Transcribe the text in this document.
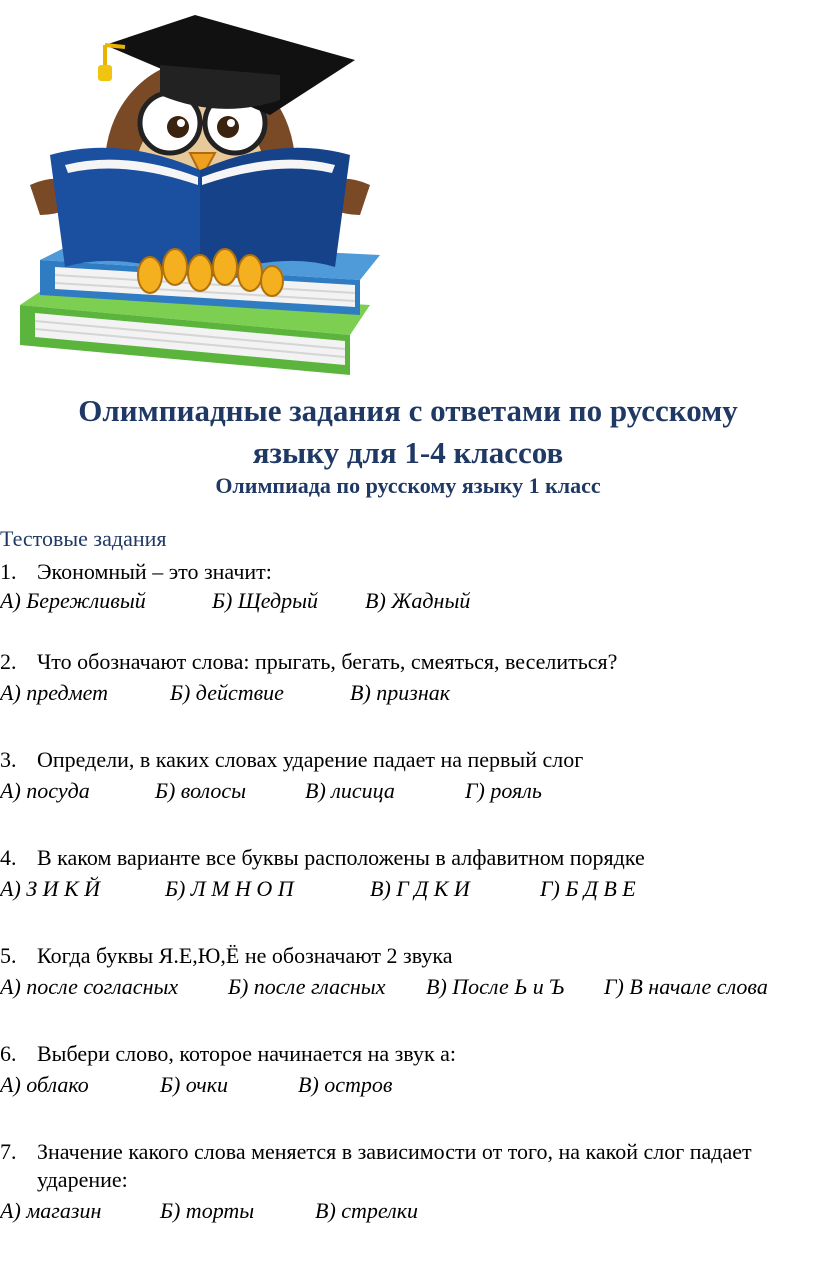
Олимпиадные задания с ответами по русскому
языку для 1-4 классов
Олимпиада по русскому языку 1 класс
Тестовые задания
1. Экономный – это значит:
А) Бережливый	Б) Щедрый В) Жадный
2. Что обозначают слова: прыгать, бегать, смеяться, веселиться?
А) предмет	Б) действие	В) признак
3. Определи, в каких словах ударение падает на первый слог
А) посуда	Б) волосы	В) лисица	Г) рояль
4. В каком варианте все буквы расположены в алфавитном порядке
А) З И К Й	Б) Л М Н О П	В) Г Д К И	Г) Б Д В Е
5. Когда буквы Я.Е,Ю,Ё не обозначают 2 звука
А) после согласных Б) после гласных В) После Ь и Ъ Г) В начале слова
6. Выбери слово, которое начинается на звук а:
А) облако	Б) очки	В) остров
7. Значение какого слова меняется в зависимости от того, на какой слог падает ударение:
А) магазин	Б) торты	В) стрелки
